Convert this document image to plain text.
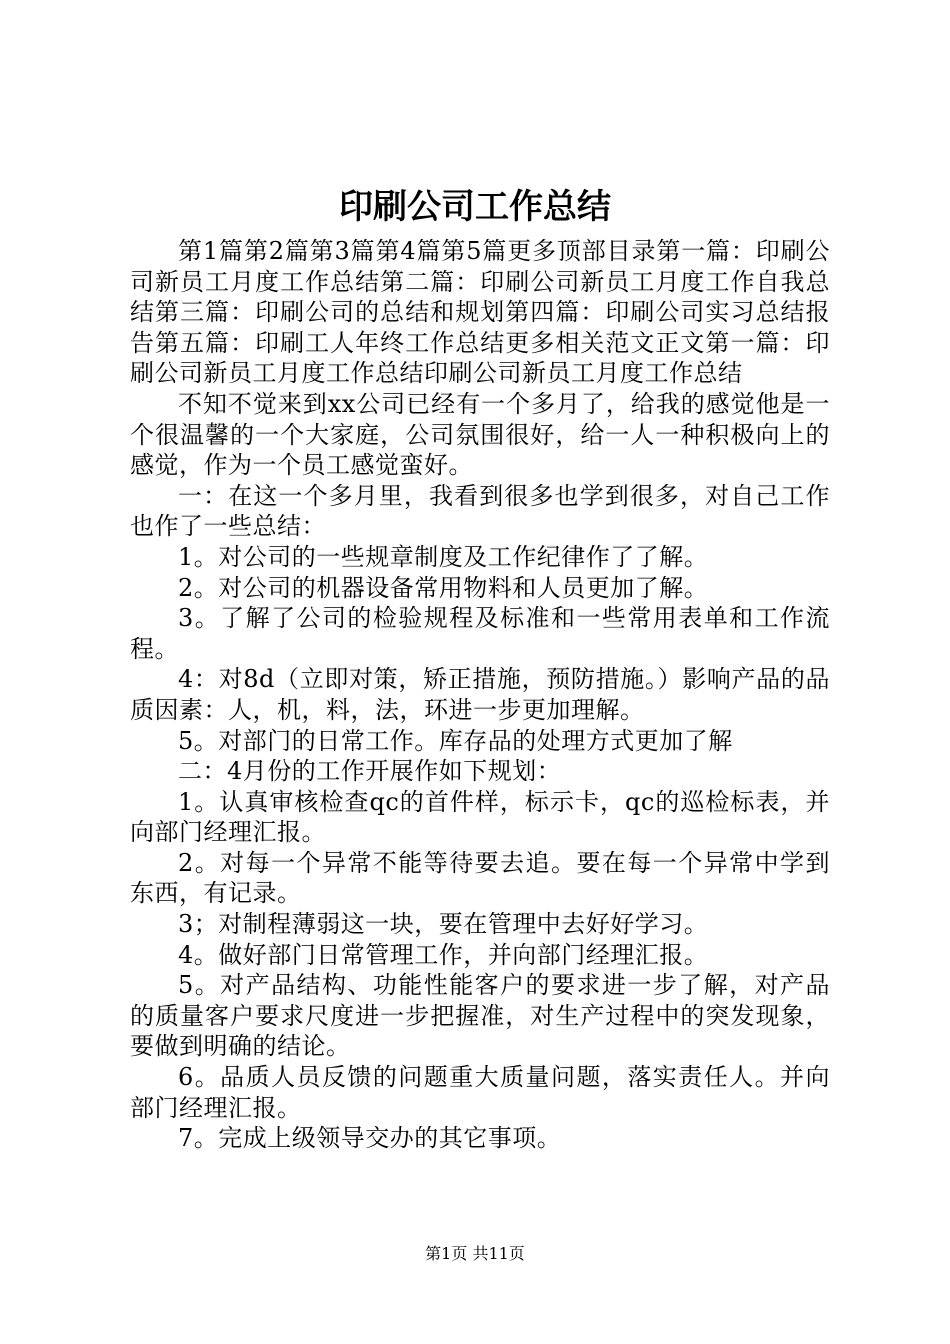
印刷公司工作总结

第1篇第2篇第3篇第4篇第5篇更多顶部目录第一篇：印刷公司新员工月度工作总结第二篇：印刷公司新员工月度工作自我总结第三篇：印刷公司的总结和规划第四篇：印刷公司实习总结报告第五篇：印刷工人年终工作总结更多相关范文正文第一篇：印刷公司新员工月度工作总结印刷公司新员工月度工作总结

不知不觉来到xx公司已经有一个多月了，给我的感觉他是一个很温馨的一个大家庭，公司氛围很好，给一人一种积极向上的感觉，作为一个员工感觉蛮好。

一：在这一个多月里，我看到很多也学到很多，对自己工作也作了一些总结：

1。对公司的一些规章制度及工作纪律作了了解。

2。对公司的机器设备常用物料和人员更加了解。

3。了解了公司的检验规程及标准和一些常用表单和工作流程。

4：对8d（立即对策，矫正措施，预防措施。）影响产品的品质因素：人，机，料，法，环进一步更加理解。

5。对部门的日常工作。库存品的处理方式更加了解

二：4月份的工作开展作如下规划：

1。认真审核检查qc的首件样，标示卡，qc的巡检标表，并向部门经理汇报。

2。对每一个异常不能等待要去追。要在每一个异常中学到东西，有记录。

3；对制程薄弱这一块，要在管理中去好好学习。

4。做好部门日常管理工作，并向部门经理汇报。

5。对产品结构、功能性能客户的要求进一步了解，对产品的质量客户要求尺度进一步把握准，对生产过程中的突发现象，要做到明确的结论。

6。品质人员反馈的问题重大质量问题，落实责任人。并向部门经理汇报。

7。完成上级领导交办的其它事项。

第1页 共11页
